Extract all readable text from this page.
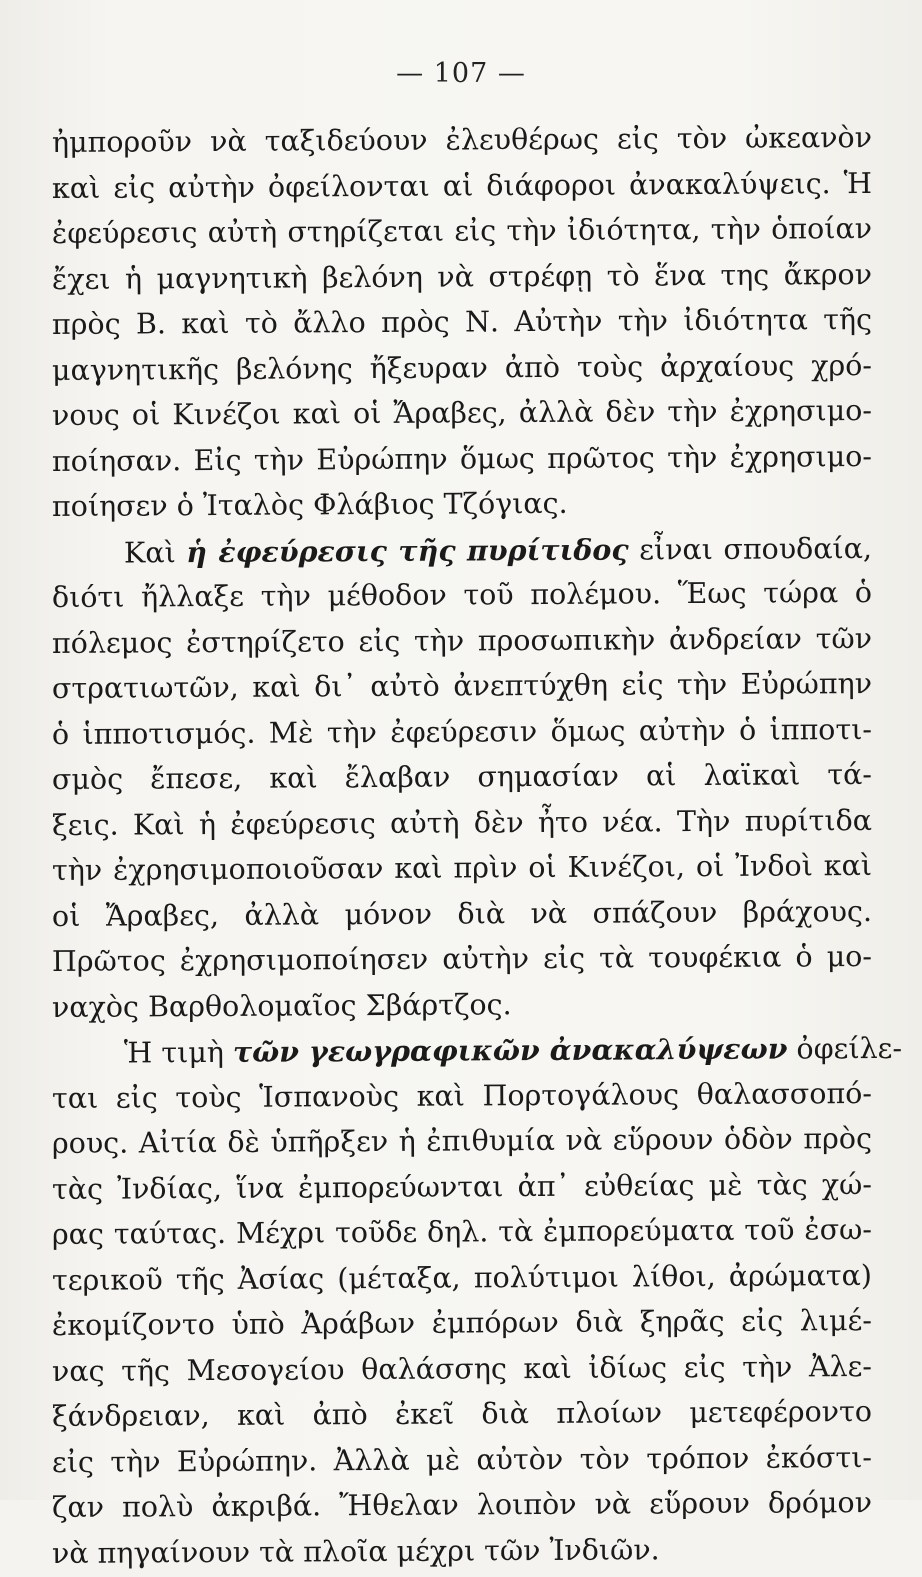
— 107 —
ἠμποροῦν νὰ ταξιδεύουν ἐλευθέρως εἰς τὸν ὠκεανὸν
καὶ εἰς αὐτὴν ὀφείλονται αἱ διάφοροι ἀνακαλύψεις. Ἡ
ἐφεύρεσις αὐτὴ στηρίζεται εἰς τὴν ἰδιότητα, τὴν ὁποίαν
ἔχει ἡ μαγνητικὴ βελόνη νὰ στρέφῃ τὸ ἕνα της ἄκρον
πρὸς Β. καὶ τὸ ἄλλο πρὸς Ν. Αὐτὴν τὴν ἰδιότητα τῆς
μαγνητικῆς βελόνης ἤξευραν ἀπὸ τοὺς ἀρχαίους χρό-
νους οἱ Κινέζοι καὶ οἱ Ἄραβες, ἀλλὰ δὲν τὴν ἐχρησιμο-
ποίησαν. Εἰς τὴν Εὐρώπην ὅμως πρῶτος τὴν ἐχρησιμο-
ποίησεν ὁ Ἰταλὸς Φλάβιος Τζόγιας.
Καὶ ἡ ἐφεύρεσις τῆς πυρίτιδος εἶναι σπουδαία,
διότι ἤλλαξε τὴν μέθοδον τοῦ πολέμου. Ἕως τώρα ὁ
πόλεμος ἐστηρίζετο εἰς τὴν προσωπικὴν ἀνδρείαν τῶν
στρατιωτῶν, καὶ δι᾽ αὐτὸ ἀνεπτύχθη εἰς τὴν Εὐρώπην
ὁ ἱπποτισμός. Μὲ τὴν ἐφεύρεσιν ὅμως αὐτὴν ὁ ἱπποτι-
σμὸς ἔπεσε, καὶ ἔλαβαν σημασίαν αἱ λαϊκαὶ τά-
ξεις. Καὶ ἡ ἐφεύρεσις αὐτὴ δὲν ἦτο νέα. Τὴν πυρίτιδα
τὴν ἐχρησιμοποιοῦσαν καὶ πρὶν οἱ Κινέζοι, οἱ Ἰνδοὶ καὶ
οἱ Ἄραβες, ἀλλὰ μόνον διὰ νὰ σπάζουν βράχους.
Πρῶτος ἐχρησιμοποίησεν αὐτὴν εἰς τὰ τουφέκια ὁ μο-
ναχὸς Βαρθολομαῖος Σβάρτζος.
Ἡ τιμὴ τῶν γεωγραφικῶν ἀνακαλύψεων ὀφείλε-
ται εἰς τοὺς Ἱσπανοὺς καὶ Πορτογάλους θαλασσοπό-
ρους. Αἰτία δὲ ὑπῆρξεν ἡ ἐπιθυμία νὰ εὕρουν ὁδὸν πρὸς
τὰς Ἰνδίας, ἵνα ἐμπορεύωνται ἀπ᾽ εὐθείας μὲ τὰς χώ-
ρας ταύτας. Μέχρι τοῦδε δηλ. τὰ ἐμπορεύματα τοῦ ἐσω-
τερικοῦ τῆς Ἀσίας (μέταξα, πολύτιμοι λίθοι, ἀρώματα)
ἐκομίζοντο ὑπὸ Ἀράβων ἐμπόρων διὰ ξηρᾶς εἰς λιμέ-
νας τῆς Μεσογείου θαλάσσης καὶ ἰδίως εἰς τὴν Ἀλε-
ξάνδρειαν, καὶ ἀπὸ ἐκεῖ διὰ πλοίων μετεφέροντο
εἰς τὴν Εὐρώπην. Ἀλλὰ μὲ αὐτὸν τὸν τρόπον ἐκόστι-
ζαν πολὺ ἀκριβά. Ἤθελαν λοιπὸν νὰ εὕρουν δρόμον
νὰ πηγαίνουν τὰ πλοῖα μέχρι τῶν Ἰνδιῶν.
